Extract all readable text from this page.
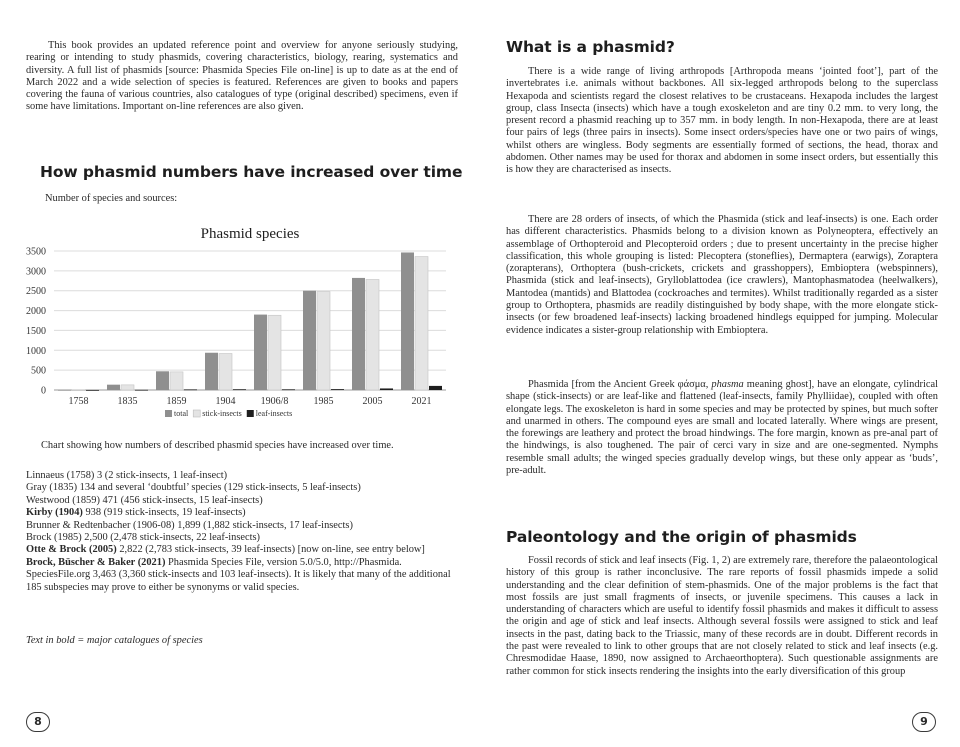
This book provides an updated reference point and overview for anyone seriously studying, rearing or intending to study phasmids, covering characteristics, biology, rearing, systematics and diversity. A full list of phasmids [source: Phasmida Species File on-line] is up to date as at the end of March 2022 and a wide selection of species is featured. References are given to books and papers covering the fauna of various countries, also catalogues of type (original described) specimens, even if some have limitations. Important on-line references are also given.

How phasmid numbers have increased over time

Number of species and sources:

Phasmid species
0
500
1000
1500
2000
2500
3000
3500
1758	1835	1859	1904	1906/8	1985	2005	2021
total stick-insects leaf-insects

Chart showing how numbers of described phasmid species have increased over time.

Linnaeus (1758) 3 (2 stick-insects, 1 leaf-insect)
Gray (1835) 134 and several ‘doubtful’ species (129 stick-insects, 5 leaf-insects)
Westwood (1859) 471 (456 stick-insects, 15 leaf-insects)
Kirby (1904) 938 (919 stick-insects, 19 leaf-insects)
Brunner & Redtenbacher (1906-08) 1,899 (1,882 stick-insects, 17 leaf-insects)
Brock (1985) 2,500 (2,478 stick-insects, 22 leaf-insects)
Otte & Brock (2005) 2,822 (2,783 stick-insects, 39 leaf-insects) [now on-line, see entry below]
Brock, Büscher & Baker (2021) Phasmida Species File, version 5.0/5.0, http://Phasmida. SpeciesFile.org 3,463 (3,360 stick-insects and 103 leaf-insects). It is likely that many of the additional 185 subspecies may prove to either be synonyms or valid species.

Text in bold = major catalogues of species

8
What is a phasmid?

There is a wide range of living arthropods [Arthropoda means ‘jointed foot’], part of the invertebrates i.e. animals without backbones. All six-legged arthropods belong to the superclass Hexapoda and scientists regard the closest relatives to be crustaceans. Hexapoda includes the largest group, class Insecta (insects) which have a tough exoskeleton and are tiny 0.2 mm. to very long, the present record a phasmid reaching up to 357 mm. in body length. In non-Hexapoda, there are at least four pairs of legs (three pairs in insects). Some insect orders/species have one or two pairs of wings, whilst others are wingless. Body segments are essentially formed of sections, the head, thorax and abdomen. Other names may be used for thorax and abdomen in some insect orders, but essentially this is how they are characterised as insects.

There are 28 orders of insects, of which the Phasmida (stick and leaf-insects) is one. Each order has different characteristics. Phasmids belong to a division known as Polyneoptera, effectively an assemblage of Orthopteroid and Plecopteroid orders ; due to present uncertainty in the precise higher classification, this whole grouping is listed: Plecoptera (stoneflies), Dermaptera (earwigs), Zoraptera (zorapterans), Orthoptera (bush-crickets, crickets and grasshoppers), Embioptera (webspinners), Phasmida (stick and leaf-insects), Grylloblattodea (ice crawlers), Mantophasmatodea (heelwalkers), Mantodea (mantids) and Blattodea (cockroaches and termites). Whilst traditionally regarded as a sister group to Orthoptera, phasmids are readily distinguished by body shape, with the more elongate stick-insects (or few broadened leaf-insects) lacking broadened hindlegs equipped for jumping. Molecular evidence indicates a sister-group relationship with Embioptera.

Phasmida [from the Ancient Greek φάσμα, phasma meaning ghost], have an elongate, cylindrical shape (stick-insects) or are leaf-like and flattened (leaf-insects, family Phylliidae), coupled with often elongate legs. The exoskeleton is hard in some species and may be protected by spines, but much softer and unarmed in others. The compound eyes are small and located laterally. Where wings are present, the forewings are leathery and protect the broad hindwings. The fore margin, known as pre-anal part of the hindwings, is also toughened. The pair of cerci vary in size and are one-segmented. Nymphs resemble small adults; the winged species gradually develop wings, but these only appear as ‘buds’, pre-adult.

Paleontology and the origin of phasmids

Fossil records of stick and leaf insects (Fig. 1, 2) are extremely rare, therefore the palaeontological history of this group is rather inconclusive. The rare reports of fossil phasmids impede a solid understanding and the clear definition of stem-phasmids. One of the major problems is the fact that most fossils are just small fragments of insects, or juvenile specimens. This causes a lack in understanding of characters which are useful to identify fossil phasmids and makes it difficult to assess the origin and age of stick and leaf insects. Although several fossils were assigned to stick and leaf insects in the past, dating back to the Triassic, many of these records are in doubt. Different records in the past were revealed to link to other groups that are not closely related to stick and leaf insects (e.g. Chresmodidae Haase, 1890, now assigned to Archaeorthoptera). Such questionable assignments are rather common for stick insects rendering the insights into the early diversification of this group

9
